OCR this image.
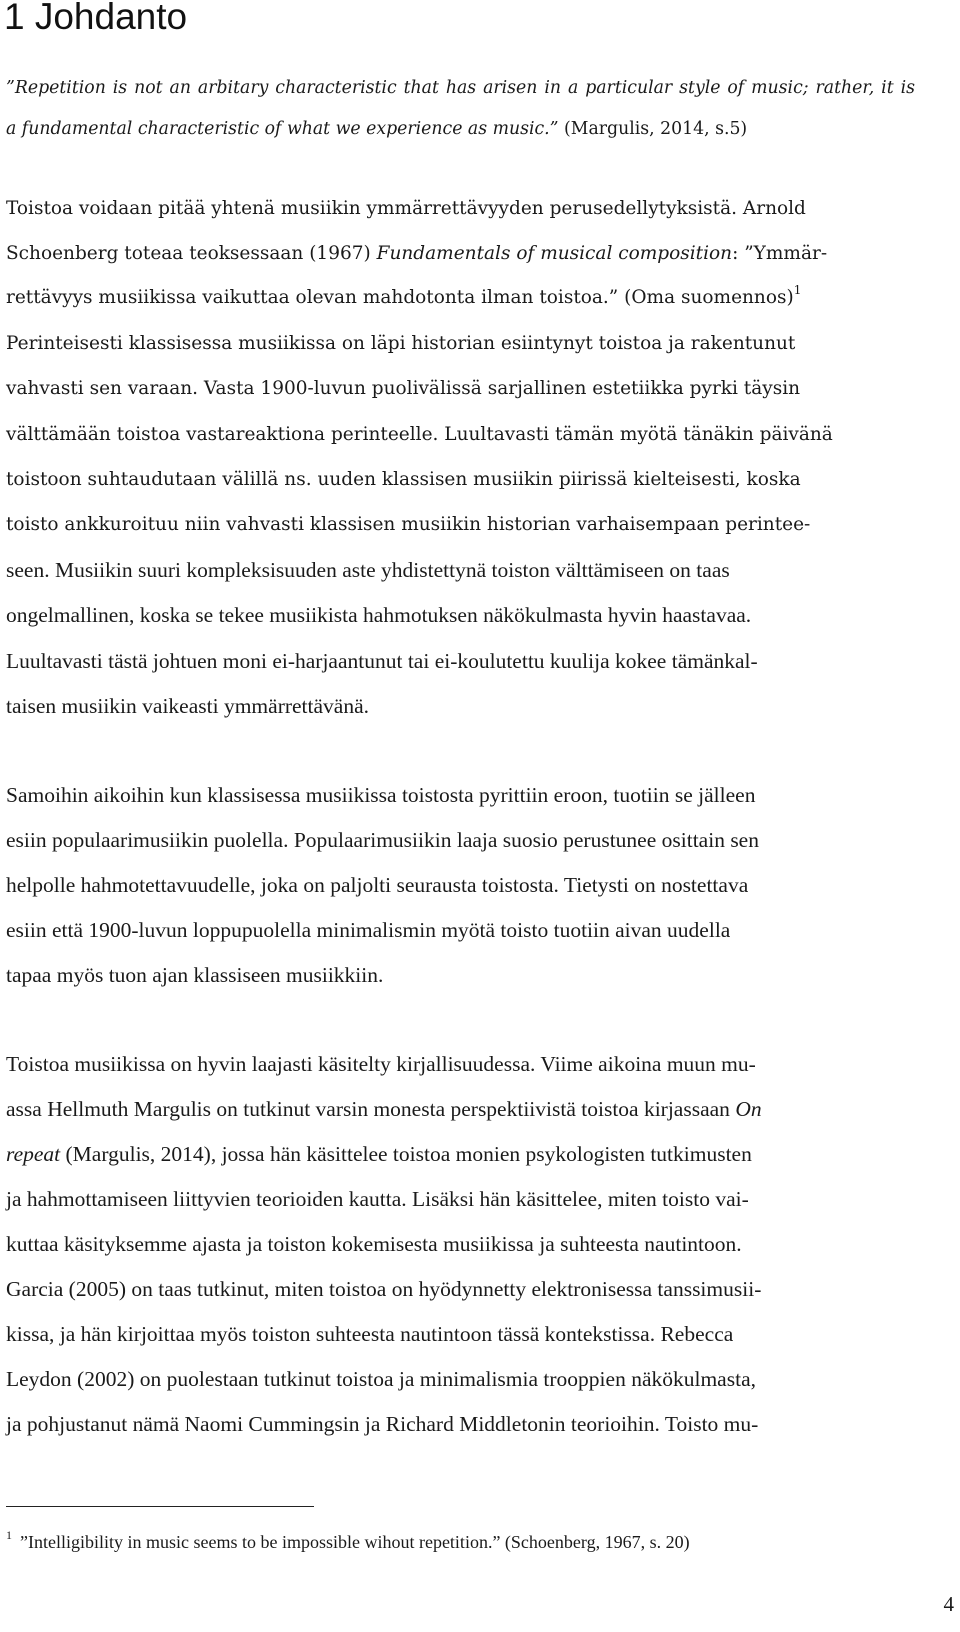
1 Johdanto
”Repetition is not an arbitary characteristic that has arisen in a particular style of music; rather, it is
a fundamental characteristic of what we experience as music.” (Margulis, 2014, s.5)
Toistoa voidaan pitää yhtenä musiikin ymmärrettävyyden perusedellytyksistä. Arnold
Schoenberg toteaa teoksessaan (1967) Fundamentals of musical composition: ”Ymmär-
rettävyys musiikissa vaikuttaa olevan mahdotonta ilman toistoa.” (Oma suomennos)$^1$
Perinteisesti klassisessa musiikissa on läpi historian esiintynyt toistoa ja rakentunut
vahvasti sen varaan. Vasta 1900-luvun puolivälissä sarjallinen estetiikka pyrki täysin
välttämään toistoa vastareaktiona perinteelle. Luultavasti tämän myötä tänäkin päivänä
toistoon suhtaudutaan välillä ns. uuden klassisen musiikin piirissä kielteisesti, koska
toisto ankkuroituu niin vahvasti klassisen musiikin historian varhaisempaan perintee-
seen. Musiikin suuri kompleksisuuden aste yhdistettynä toiston välttämiseen on taas
ongelmallinen, koska se tekee musiikista hahmotuksen näkökulmasta hyvin haastavaa.
Luultavasti tästä johtuen moni ei-harjaantunut tai ei-koulutettu kuulija kokee tämänkal-
taisen musiikin vaikeasti ymmärrettävänä.
Samoihin aikoihin kun klassisessa musiikissa toistosta pyrittiin eroon, tuotiin se jälleen
esiin populaarimusiikin puolella. Populaarimusiikin laaja suosio perustunee osittain sen
helpolle hahmotettavuudelle, joka on paljolti seurausta toistosta. Tietysti on nostettava
esiin että 1900-luvun loppupuolella minimalismin myötä toisto tuotiin aivan uudella
tapaa myös tuon ajan klassiseen musiikkiin.
Toistoa musiikissa on hyvin laajasti käsitelty kirjallisuudessa. Viime aikoina muun mu-
assa Hellmuth Margulis on tutkinut varsin monesta perspektiivistä toistoa kirjassaan On
repeat (Margulis, 2014), jossa hän käsittelee toistoa monien psykologisten tutkimusten
ja hahmottamiseen liittyvien teorioiden kautta. Lisäksi hän käsittelee, miten toisto vai-
kuttaa käsityksemme ajasta ja toiston kokemisesta musiikissa ja suhteesta nautintoon.
Garcia (2005) on taas tutkinut, miten toistoa on hyödynnetty elektronisessa tanssimusii-
kissa, ja hän kirjoittaa myös toiston suhteesta nautintoon tässä kontekstissa. Rebecca
Leydon (2002) on puolestaan tutkinut toistoa ja minimalismia trooppien näkökulmasta,
ja pohjustanut nämä Naomi Cummingsin ja Richard Middletonin teorioihin. Toisto mu-
$^1$ ”Intelligibility in music seems to be impossible wihout repetition.” (Schoenberg, 1967, s. 20)
4
